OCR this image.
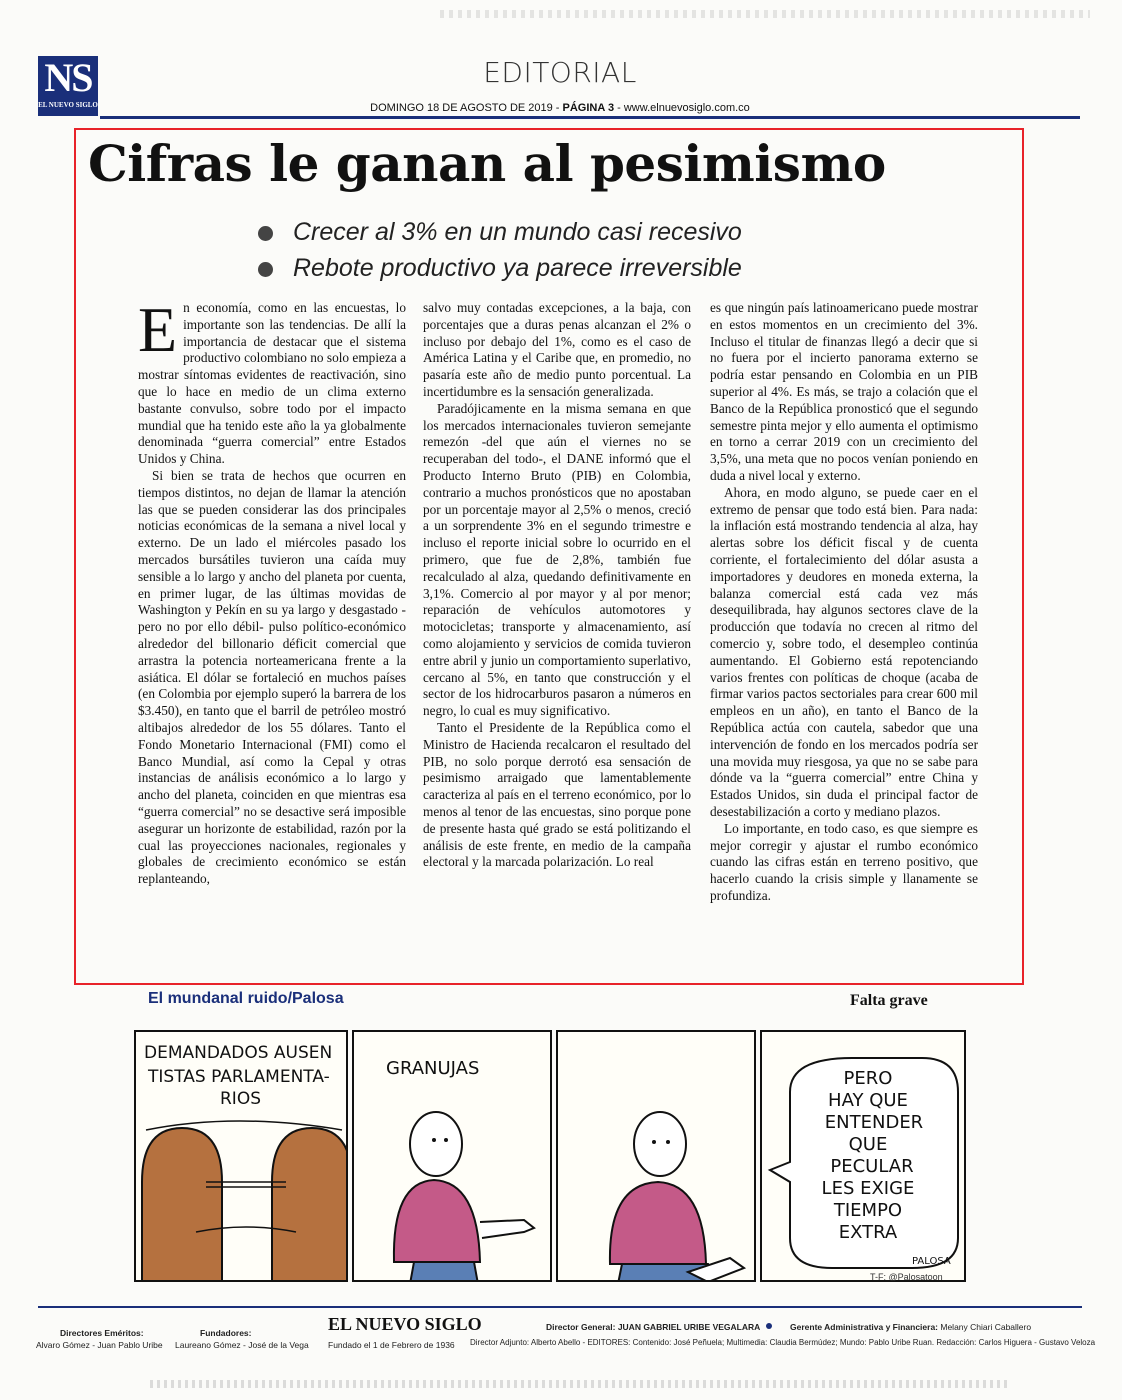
NS
EL NUEVO SIGLO
EDITORIAL
DOMINGO 18 DE AGOSTO DE 2019 - PÁGINA 3 - www.elnuevosiglo.com.co
Cifras le ganan al pesimismo
Crecer al 3% en un mundo casi recesivo
Rebote productivo ya parece irreversible

En economía, como en las encuestas, lo importante son las tendencias. De allí la importancia de destacar que el sistema productivo colombiano no solo empieza a mostrar síntomas evidentes de reactivación, sino que lo hace en medio de un clima externo bastante convulso, sobre todo por el impacto mundial que ha tenido este año la ya globalmente denominada “guerra comercial” entre Estados Unidos y China.

Si bien se trata de hechos que ocurren en tiempos distintos, no dejan de llamar la atención las que se pueden considerar las dos principales noticias económicas de la semana a nivel local y externo. De un lado el miércoles pasado los mercados bursátiles tuvieron una caída muy sensible a lo largo y ancho del planeta por cuenta, en primer lugar, de las últimas movidas de Washington y Pekín en su ya largo y desgastado -pero no por ello débil- pulso político-económico alrededor del billonario déficit comercial que arrastra la potencia norteamericana frente a la asiática. El dólar se fortaleció en muchos países (en Colombia por ejemplo superó la barrera de los $3.450), en tanto que el barril de petróleo mostró altibajos alrededor de los 55 dólares. Tanto el Fondo Monetario Internacional (FMI) como el Banco Mundial, así como la Cepal y otras instancias de análisis económico a lo largo y ancho del planeta, coinciden en que mientras esa “guerra comercial” no se desactive será imposible asegurar un horizonte de estabilidad, razón por la cual las proyecciones nacionales, regionales y globales de crecimiento económico se están replanteando,

salvo muy contadas excepciones, a la baja, con porcentajes que a duras penas alcanzan el 2% o incluso por debajo del 1%, como es el caso de América Latina y el Caribe que, en promedio, no pasaría este año de medio punto porcentual. La incertidumbre es la sensación generalizada.

Paradójicamente en la misma semana en que los mercados internacionales tuvieron semejante remezón -del que aún el viernes no se recuperaban del todo-, el DANE informó que el Producto Interno Bruto (PIB) en Colombia, contrario a muchos pronósticos que no apostaban por un porcentaje mayor al 2,5% o menos, creció a un sorprendente 3% en el segundo trimestre e incluso el reporte inicial sobre lo ocurrido en el primero, que fue de 2,8%, también fue recalculado al alza, quedando definitivamente en 3,1%. Comercio al por mayor y al por menor; reparación de vehículos automotores y motocicletas; transporte y almacenamiento, así como alojamiento y servicios de comida tuvieron entre abril y junio un comportamiento superlativo, cercano al 5%, en tanto que construcción y el sector de los hidrocarburos pasaron a números en negro, lo cual es muy significativo.

Tanto el Presidente de la República como el Ministro de Hacienda recalcaron el resultado del PIB, no solo porque derrotó esa sensación de pesimismo arraigado que lamentablemente caracteriza al país en el terreno económico, por lo menos al tenor de las encuestas, sino porque pone de presente hasta qué grado se está politizando el análisis de este frente, en medio de la campaña electoral y la marcada polarización. Lo real

es que ningún país latinoamericano puede mostrar en estos momentos en un crecimiento del 3%. Incluso el titular de finanzas llegó a decir que si no fuera por el incierto panorama externo se podría estar pensando en Colombia en un PIB superior al 4%. Es más, se trajo a colación que el Banco de la República pronosticó que el segundo semestre pinta mejor y ello aumenta el optimismo en torno a cerrar 2019 con un crecimiento del 3,5%, una meta que no pocos venían poniendo en duda a nivel local y externo.

Ahora, en modo alguno, se puede caer en el extremo de pensar que todo está bien. Para nada: la inflación está mostrando tendencia al alza, hay alertas sobre los déficit fiscal y de cuenta corriente, el fortalecimiento del dólar asusta a importadores y deudores en moneda externa, la balanza comercial está cada vez más desequilibrada, hay algunos sectores clave de la producción que todavía no crecen al ritmo del comercio y, sobre todo, el desempleo continúa aumentando. El Gobierno está repotenciando varios frentes con políticas de choque (acaba de firmar varios pactos sectoriales para crear 600 mil empleos en un año), en tanto el Banco de la República actúa con cautela, sabedor que una intervención de fondo en los mercados podría ser una movida muy riesgosa, ya que no se sabe para dónde va la “guerra comercial” entre China y Estados Unidos, sin duda el principal factor de desestabilización a corto y mediano plazos.

Lo importante, en todo caso, es que siempre es mejor corregir y ajustar el rumbo económico cuando las cifras están en terreno positivo, que hacerlo cuando la crisis simple y llanamente se profundiza.

El mundanal ruido/Palosa	Falta grave
DEMANDADOS AUSEN
TISTAS PARLAMENTA-
RIOS
GRANUJAS	PERO
HAY QUE
ENTENDER
QUE
PECULAR
LES EXIGE
TIEMPO
EXTRA
PALOSA
T-F: @Palosatoon
Directores Eméritos:
Alvaro Gómez - Juan Pablo Uribe
Fundadores:
Laureano Gómez - José de la Vega
EL NUEVO SIGLO
Fundado el 1 de Febrero de 1936
Director General: JUAN GABRIEL URIBE VEGALARA	Gerente Administrativa y Financiera: Melany Chiari Caballero
Director Adjunto: Alberto Abello - EDITORES: Contenido: José Peñuela; Multimedia: Claudia Bermúdez; Mundo: Pablo Uribe Ruan. Redacción: Carlos Higuera - Gustavo Veloza
